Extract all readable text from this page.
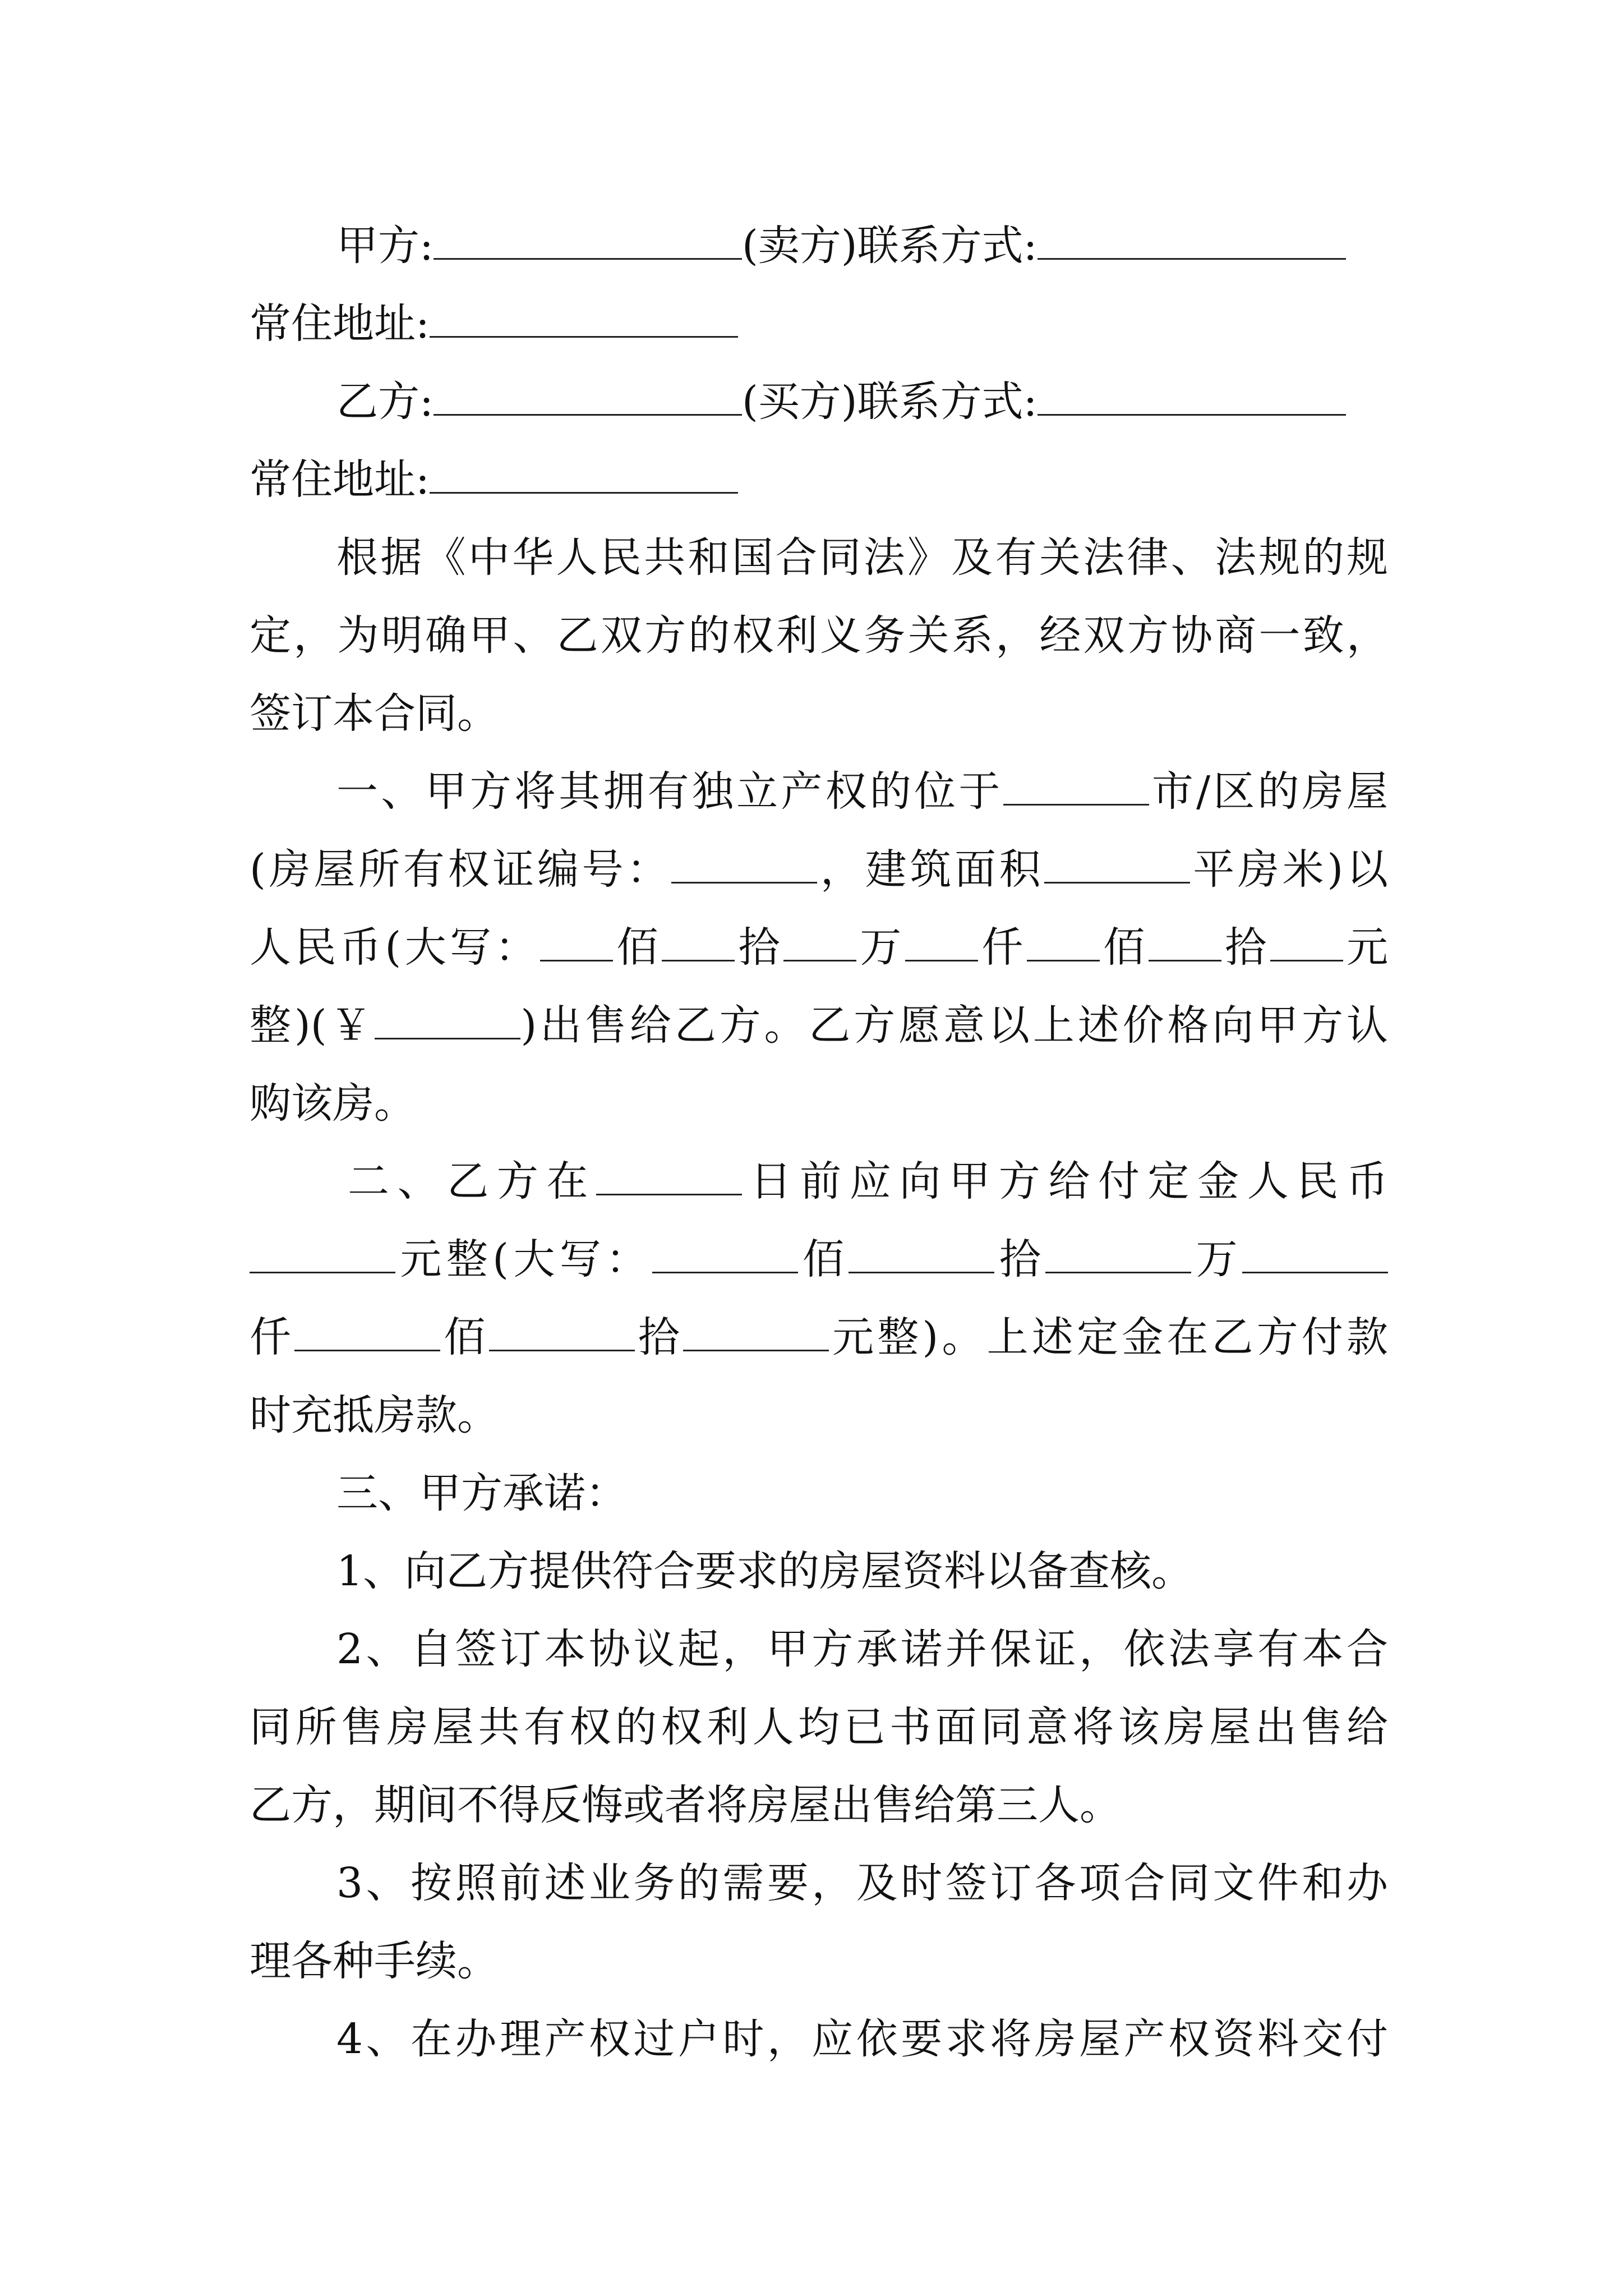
甲方:	(卖方)联系方式:
常住地址:
乙方:	(买方)联系方式:
常住地址:
根据《中华人民共和国合同法》及有关法律、法规的规
定，为明确甲、乙双方的权利义务关系，经双方协商一致，
签订本合同。
一、甲方将其拥有独立产权的位于	市/区的房屋
(房屋所有权证编号：	，建筑面积	平房米)以
人民币(大写： 佰 拾 万 仟 佰 拾 元
整)(￥	)出售给乙方。乙方愿意以上述价格向甲方认
购该房。
二、乙方在	日前应向甲方给付定金人民币
元整(大写：	佰	拾	万
仟	佰	拾	元整)。上述定金在乙方付款
时充抵房款。
三、甲方承诺：
1、向乙方提供符合要求的房屋资料以备查核。
2、自签订本协议起，甲方承诺并保证，依法享有本合
同所售房屋共有权的权利人均已书面同意将该房屋出售给
乙方，期间不得反悔或者将房屋出售给第三人。
3、按照前述业务的需要，及时签订各项合同文件和办
理各种手续。
4、在办理产权过户时，应依要求将房屋产权资料交付
